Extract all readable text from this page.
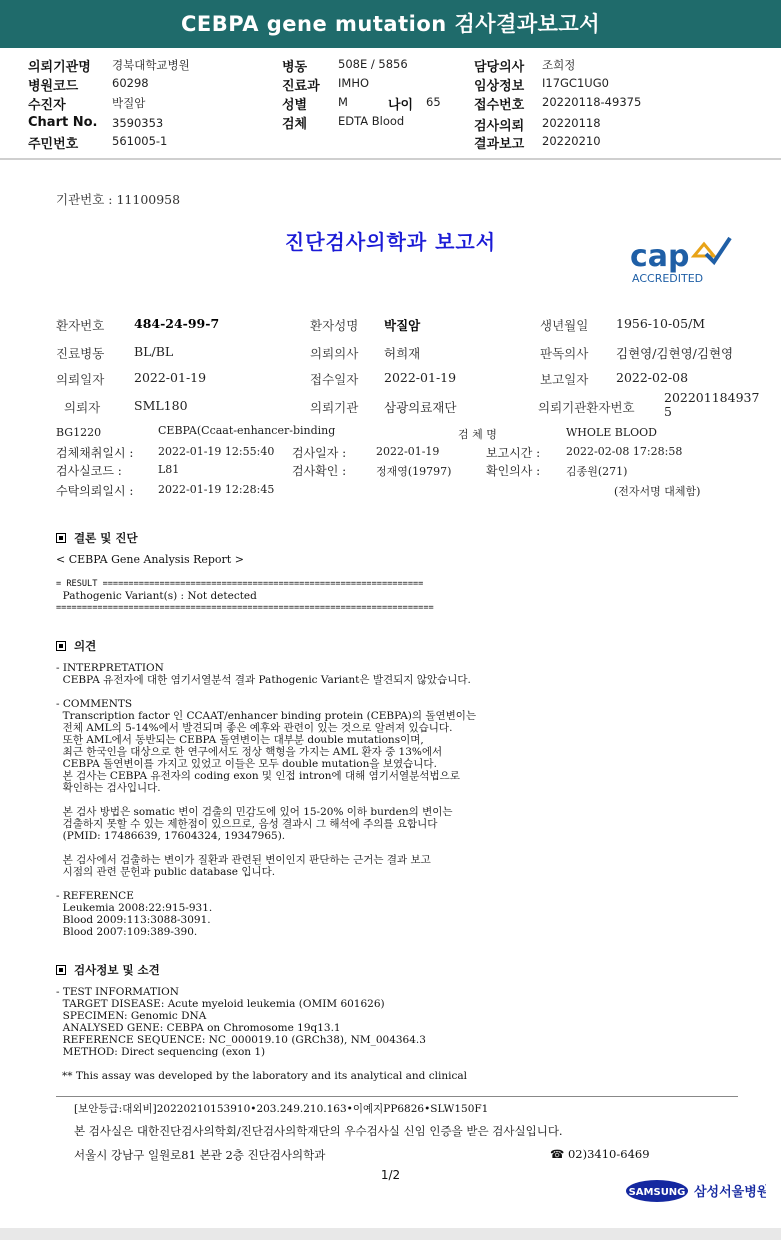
CEBPA gene mutation 검사결과보고서
의뢰기관명 경북대학교병원
병원코드	60298
수진자	박질암
Chart No. 3590353
주민번호	561005-1
병동	508E / 5856
진료과 IMHO
성별	M	나이 65
검체	EDTA Blood
담당의사 조희정
임상정보 I17GC1UG0
접수번호 20220118-49375
검사의뢰 20220118
결과보고 20220210
기관번호 : 11100958
진단검사의학과 보고서	cap
ACCREDITED
환자번호 484-24-99-7	환자성명 박질암	생년월일 1956-10-05/M
진료병동 BL/BL	의뢰의사 허희재	판독의사 김현영/김현영/김현영
의뢰일자 2022-01-19	접수일자 2022-01-19	보고일자 2022-02-08
의뢰자	SML180	의뢰기관 삼광의료재단	의뢰기관환자번호
202201184937
5
BG1220	CEBPA(Ccaat-enhancer-binding	검 체 명	WHOLE BLOOD
검체채취일시 : 2022-01-19 12:55:40 검사일자 :	2022-01-19	보고시간 : 2022-02-08 17:28:58
검사실코드 :	L81	검사확인 :	정재영(19797)	확인의사 : 김종원(271)
수탁의뢰일시 : 2022-01-19 12:28:45	(전자서명 대체함)
결론 및 진단
< CEBPA Gene Analysis Report >
= RESULT ==============================================================
Pathogenic Variant(s) : Not detected
=========================================================================
의견
- INTERPRETATION
CEBPA 유전자에 대한 염기서열분석 결과 Pathogenic Variant은 발견되지 않았습니다.
- COMMENTS
Transcription factor 인 CCAAT/enhancer binding protein (CEBPA)의 돌연변이는
전체 AML의 5-14%에서 발견되며 좋은 예후와 관련이 있는 것으로 알려져 있습니다.
또한 AML에서 동반되는 CEBPA 돌연변이는 대부분 double mutations이며,
최근 한국인을 대상으로 한 연구에서도 정상 핵형을 가지는 AML 환자 중 13%에서
CEBPA 돌연변이를 가지고 있었고 이들은 모두 double mutation을 보였습니다.
본 검사는 CEBPA 유전자의 coding exon 및 인접 intron에 대해 염기서열분석법으로
확인하는 검사입니다.

본 검사 방법은 somatic 변이 검출의 민감도에 있어 15-20% 이하 burden의 변이는
검출하지 못할 수 있는 제한점이 있으므로, 음성 결과시 그 해석에 주의를 요합니다
(PMID: 17486639, 17604324, 19347965).

본 검사에서 검출하는 변이가 질환과 관련된 변이인지 판단하는 근거는 결과 보고
시점의 관련 문헌과 public database 입니다.
- REFERENCE
Leukemia 2008:22:915-931.
Blood 2009:113:3088-3091.
Blood 2007:109:389-390.
검사정보 및 소견
- TEST INFORMATION
TARGET DISEASE: Acute myeloid leukemia (OMIM 601626)
SPECIMEN: Genomic DNA
ANALYSED GENE: CEBPA on Chromosome 19q13.1
REFERENCE SEQUENCE: NC_000019.10 (GRCh38), NM_004364.3
METHOD: Direct sequencing (exon 1)
** This assay was developed by the laboratory and its analytical and clinical
[보안등급:대외비]20220210153910•203.249.210.163•이예지PP6826•SLW150F1
본 검사실은 대한진단검사의학회/진단검사의학재단의 우수검사실 신임 인증을 받은 검사실입니다.
서울시 강남구 일원로81 본관 2층 진단검사의학과	☎ 02)3410-6469
1/2
SAMSUNG 삼성서울병원
